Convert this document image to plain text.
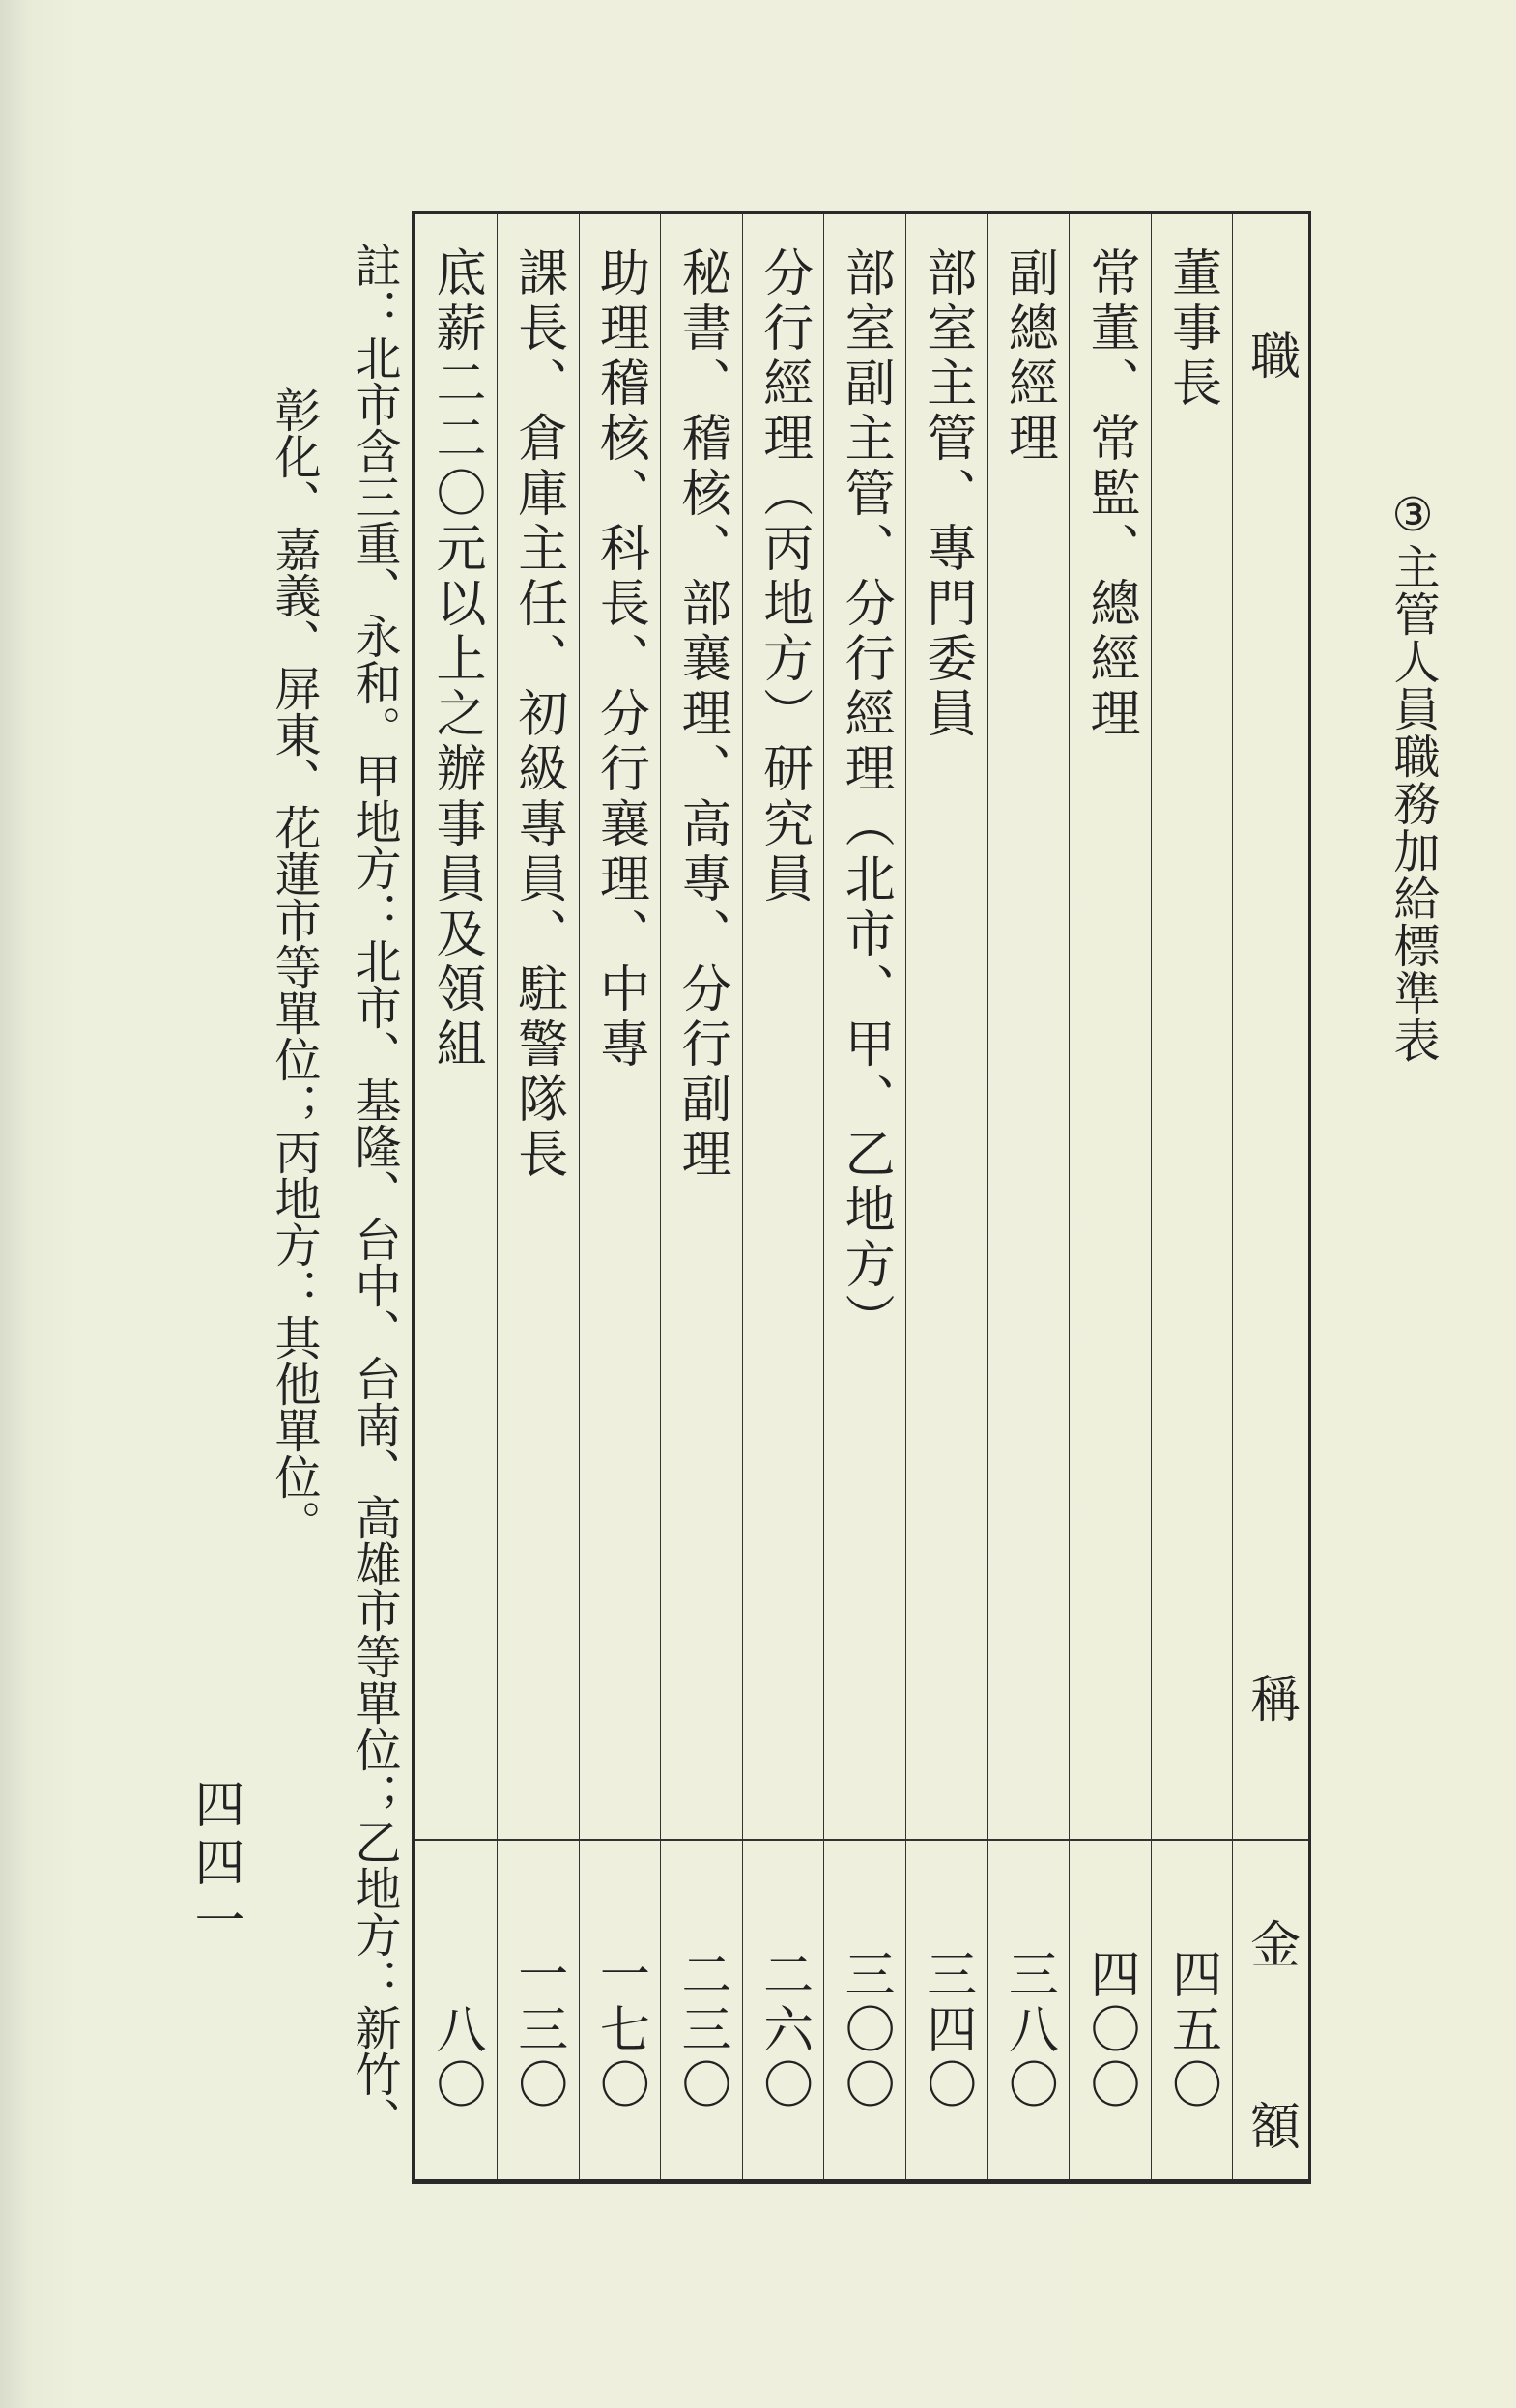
③主管人員職務加給標準表
職
稱
金
額
董事長
四五〇
常董、常監、總經理
四〇〇
副總經理
三八〇
部室主管、專門委員
三四〇
部室副主管、分行經理（北市、甲、乙地方）
三〇〇
分行經理（丙地方）研究員
二六〇
秘書、稽核、部襄理、高專、分行副理
二三〇
助理稽核、科長、分行襄理、中專
一七〇
課長、倉庫主任、初級專員、駐警隊長
一三〇
底薪二二〇元以上之辦事員及領組
八〇
註：北市含三重、永和。甲地方：北市、基隆、台中、台南、高雄市等單位；乙地方：新竹、
彰化、嘉義、屏東、花蓮市等單位；丙地方：其他單位。
四四一
